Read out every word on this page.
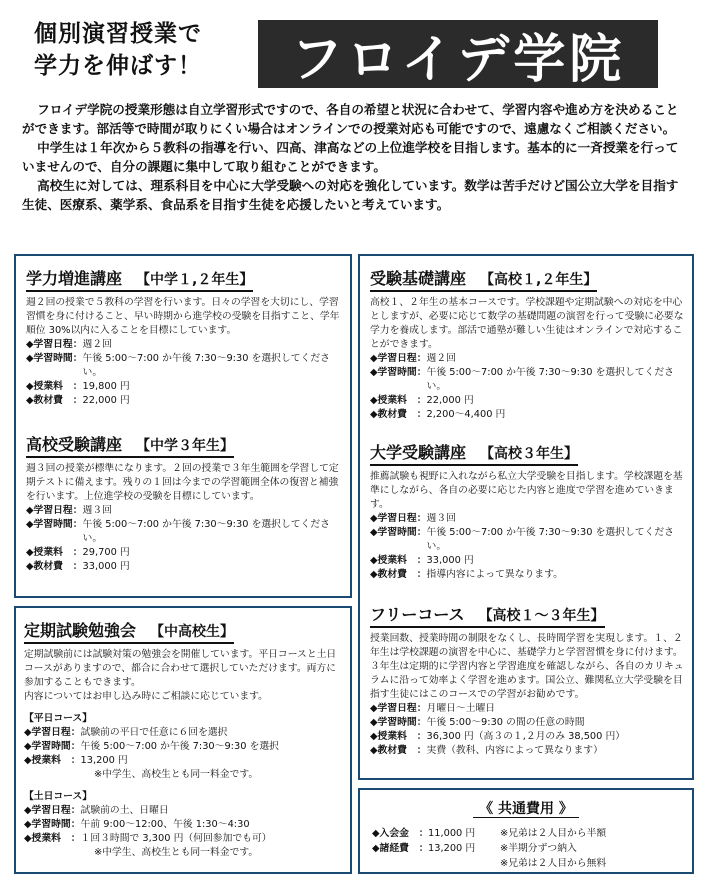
個別演習授業で
学力を伸ばす！	フロイデ学院

フロイデ学院の授業形態は自立学習形式ですので、各自の希望と状況に合わせて、学習内容や進め方を決めることができます。部活等で時間が取りにくい場合はオンラインでの授業対応も可能ですので、遠慮なくご相談ください。

中学生は１年次から５教科の指導を行い、四高、津高などの上位進学校を目指します。基本的に一斉授業を行っていませんので、自分の課題に集中して取り組むことができます。

高校生に対しては、理系科目を中心に大学受験への対応を強化しています。数学は苦手だけど国公立大学を目指す生徒、医療系、薬学系、食品系を目指す生徒を応援したいと考えています。

学力増進講座 【中学１,２年生】
週２回の授業で５教科の学習を行います。日々の学習を大切にし、学習習慣を身に付けること、早い時期から進学校の受験を目指すこと、学年順位 30%以内に入ることを目標にしています。
◆学習日程： 週２回
◆学習時間： 午後 5:00〜7:00 か午後 7:30〜9:30 を選択してください。
◆授業料　： 19,800 円
◆教材費　： 22,000 円
高校受験講座 【中学３年生】
週３回の授業が標準になります。２回の授業で３年生範囲を学習して定期テストに備えます。残りの１回は今までの学習範囲全体の復習と補強を行います。上位進学校の受験を目標にしています。
◆学習日程： 週３回
◆学習時間： 午後 5:00〜7:00 か午後 7:30〜9:30 を選択してください。
◆授業料　： 29,700 円
◆教材費　： 33,000 円
定期試験勉強会 【中高校生】
定期試験前には試験対策の勉強会を開催しています。平日コースと土日コースがありますので、都合に合わせて選択していただけます。両方に参加することもできます。
内容についてはお申し込み時にご相談に応じています。
【平日コース】
◆学習日程： 試験前の平日で任意に６回を選択
◆学習時間： 午後 5:00〜7:00 か午後 7:30〜9:30 を選択
◆授業料　： 13,200 円
※中学生、高校生とも同一料金です。
【土日コース】
◆学習日程： 試験前の土、日曜日
◆学習時間： 午前 9:00〜12:00、午後 1:30〜4:30
◆授業料　： １回３時間で 3,300 円（何回参加でも可）
※中学生、高校生とも同一料金です。
受験基礎講座 【高校１,２年生】
高校１、２年生の基本コースです。学校課題や定期試験への対応を中心としますが、必要に応じて数学の基礎問題の演習を行って受験に必要な学力を養成します。部活で通塾が難しい生徒はオンラインで対応することができます。
◆学習日程： 週２回
◆学習時間： 午後 5:00〜7:00 か午後 7:30〜9:30 を選択してください。
◆授業料　： 22,000 円
◆教材費　： 2,200〜4,400 円
大学受験講座 【高校３年生】
推薦試験も視野に入れながら私立大学受験を目指します。学校課題を基準にしながら、各自の必要に応じた内容と進度で学習を進めていきます。
◆学習日程： 週３回
◆学習時間： 午後 5:00〜7:00 か午後 7:30〜9:30 を選択してください。
◆授業料　： 33,000 円
◆教材費　： 指導内容によって異なります。
フリーコース 【高校１〜３年生】
授業回数、授業時間の制限をなくし、長時間学習を実現します。１、２年生は学校課題の演習を中心に、基礎学力と学習習慣を身に付けます。３年生は定期的に学習内容と学習進度を確認しながら、各自のカリキュラムに沿って効率よく学習を進めます。国公立、難関私立大学受験を目指す生徒にはこのコースでの学習がお勧めです。
◆学習日程： 月曜日〜土曜日
◆学習時間： 午後 5:00〜9:30 の間の任意の時間
◆授業料　： 36,300 円（高３の１,２月のみ 38,500 円）
◆教材費　： 実費（教科、内容によって異なります）
《 共通費用 》
◆入会金　： 11,000 円	※兄弟は２人目から半額
◆諸経費　： 13,200 円	※半期分ずつ納入
※兄弟は２人目から無料
